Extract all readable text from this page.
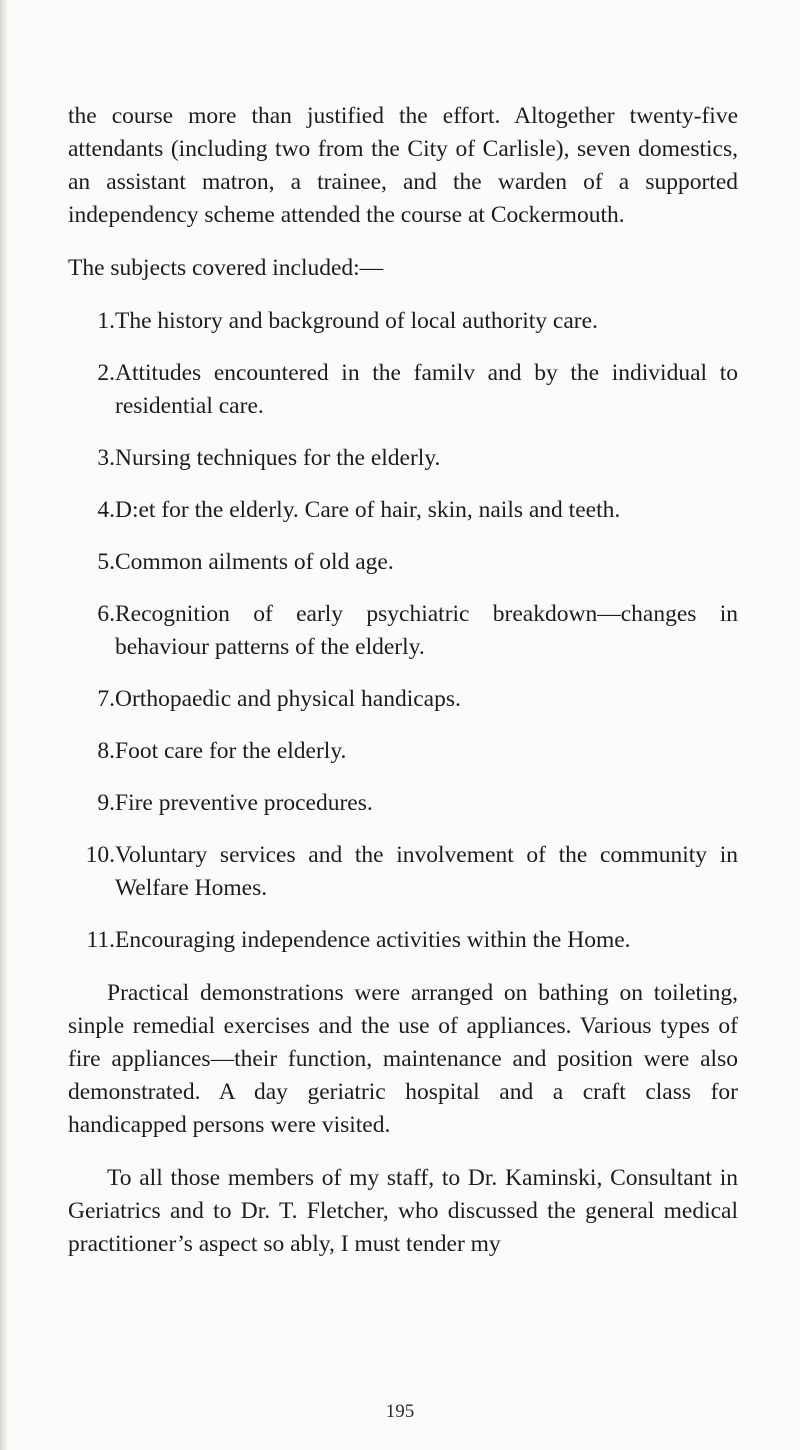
the course more than justified the effort. Altogether twenty-five attendants (including two from the City of Carlisle), seven domestics, an assistant matron, a trainee, and the warden of a supported independency scheme attended the course at Cockermouth.

The subjects covered included:—

1. The history and background of local authority care.
2. Attitudes encountered in the familv and by the individual to residential care.
3. Nursing techniques for the elderly.
4. D:et for the elderly. Care of hair, skin, nails and teeth.
5. Common ailments of old age.
6. Recognition of early psychiatric breakdown—changes in behaviour patterns of the elderly.
7. Orthopaedic and physical handicaps.
8. Foot care for the elderly.
9. Fire preventive procedures.
10. Voluntary services and the involvement of the community in Welfare Homes.
11. Encouraging independence activities within the Home.

Practical demonstrations were arranged on bathing on toileting, sinple remedial exercises and the use of appliances. Various types of fire appliances—their function, maintenance and position were also demonstrated. A day geriatric hospital and a craft class for handicapped persons were visited.

To all those members of my staff, to Dr. Kaminski, Consultant in Geriatrics and to Dr. T. Fletcher, who discussed the general medical practitioner’s aspect so ably, I must tender my

195
